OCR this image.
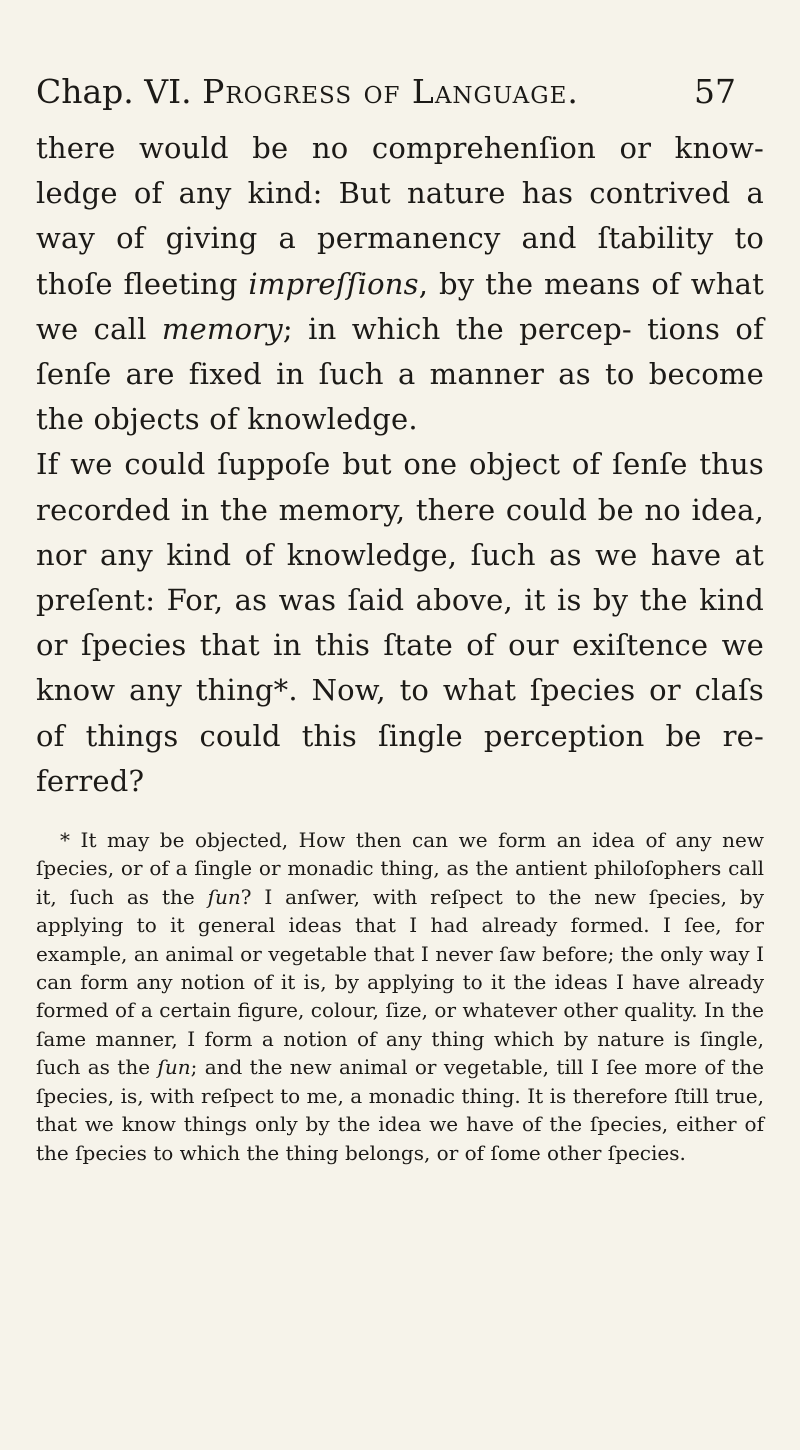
Chap. VI. Progress of Language.	57

there would be no comprehenſion or know- ledge of any kind: But nature has contrived a way of giving a permanency and ſtability to thoſe fleeting impreſſions, by the means of what we call memory; in which the percep- tions of ſenſe are fixed in ſuch a manner as to become the objects of knowledge.

If we could ſuppoſe but one object of ſenſe thus recorded in the memory, there could be no idea, nor any kind of knowledge, ſuch as we have at preſent: For, as was ſaid above, it is by the kind or ſpecies that in this ſtate of our exiſtence we know any thing*. Now, to what ſpecies or claſs of things could this ſingle perception be re- ferred?

* It may be objected, How then can we form an idea of any new ſpecies, or of a ſingle or monadic thing, as the antient philoſophers call it, ſuch as the ſun? I anſwer, with reſpect to the new ſpecies, by applying to it general ideas that I had already formed. I ſee, for example, an animal or vegetable that I never ſaw before; the only way I can form any notion of it is, by applying to it the ideas I have already formed of a certain figure, colour, ſize, or whatever other quality. In the ſame manner, I form a notion of any thing which by nature is ſingle, ſuch as the ſun; and the new animal or vegetable, till I ſee more of the ſpecies, is, with reſpect to me, a monadic thing. It is therefore ſtill true, that we know things only by the idea we have of the ſpecies, either of the ſpecies to which the thing belongs, or of ſome other ſpecies.
